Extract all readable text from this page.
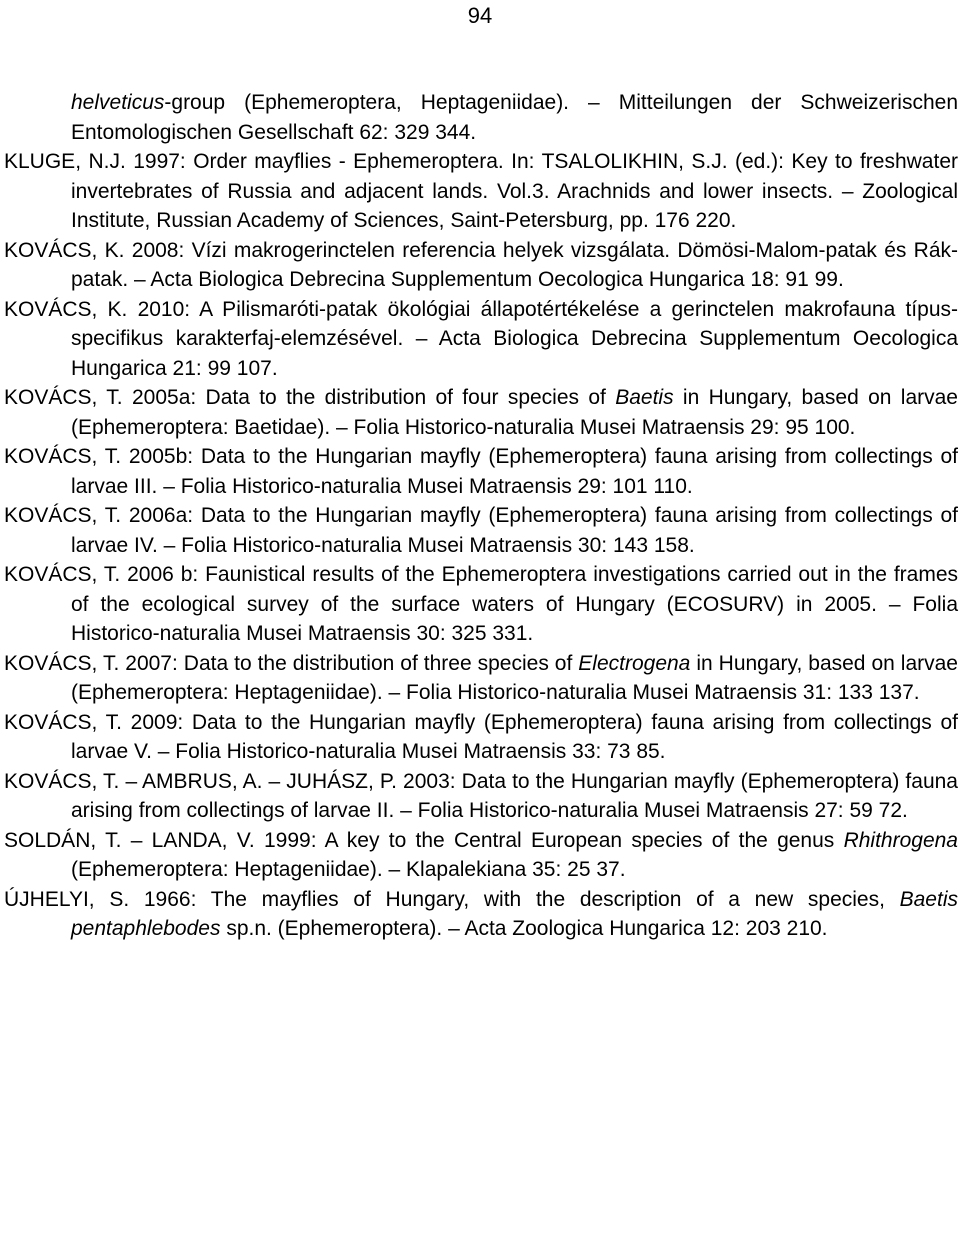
94

helveticus-group (Ephemeroptera, Heptageniidae). – Mitteilungen der Schweizerischen Entomologischen Gesellschaft 62: 329 344.

KLUGE, N.J. 1997: Order mayflies - Ephemeroptera. In: TSALOLIKHIN, S.J. (ed.): Key to freshwater invertebrates of Russia and adjacent lands. Vol.3. Arachnids and lower insects. – Zoological Institute, Russian Academy of Sciences, Saint-Petersburg, pp. 176 220.

KOVÁCS, K. 2008: Vízi makrogerinctelen referencia helyek vizsgálata. Dömösi-Malom-patak és Rák-patak. – Acta Biologica Debrecina Supplementum Oecologica Hungarica 18: 91 99.

KOVÁCS, K. 2010: A Pilismaróti-patak ökológiai állapotértékelése a gerinctelen makrofauna típus-specifikus karakterfaj-elemzésével. – Acta Biologica Debrecina Supplementum Oecologica Hungarica 21: 99 107.

KOVÁCS, T. 2005a: Data to the distribution of four species of Baetis in Hungary, based on larvae (Ephemeroptera: Baetidae). – Folia Historico-naturalia Musei Matraensis 29: 95 100.

KOVÁCS, T. 2005b: Data to the Hungarian mayfly (Ephemeroptera) fauna arising from collectings of larvae III. – Folia Historico-naturalia Musei Matraensis 29: 101 110.

KOVÁCS, T. 2006a: Data to the Hungarian mayfly (Ephemeroptera) fauna arising from collectings of larvae IV. – Folia Historico-naturalia Musei Matraensis 30: 143 158.

KOVÁCS, T. 2006 b: Faunistical results of the Ephemeroptera investigations carried out in the frames of the ecological survey of the surface waters of Hungary (ECOSURV) in 2005. – Folia Historico-naturalia Musei Matraensis 30: 325 331.

KOVÁCS, T. 2007: Data to the distribution of three species of Electrogena in Hungary, based on larvae (Ephemeroptera: Heptageniidae). – Folia Historico-naturalia Musei Matraensis 31: 133 137.

KOVÁCS, T. 2009: Data to the Hungarian mayfly (Ephemeroptera) fauna arising from collectings of larvae V. – Folia Historico-naturalia Musei Matraensis 33: 73 85.

KOVÁCS, T. – AMBRUS, A. – JUHÁSZ, P. 2003: Data to the Hungarian mayfly (Ephemeroptera) fauna arising from collectings of larvae II. – Folia Historico-naturalia Musei Matraensis 27: 59 72.

SOLDÁN, T. – LANDA, V. 1999: A key to the Central European species of the genus Rhithrogena (Ephemeroptera: Heptageniidae). – Klapalekiana 35: 25 37.

ÚJHELYI, S. 1966: The mayflies of Hungary, with the description of a new species, Baetis pentaphlebodes sp.n. (Ephemeroptera). – Acta Zoologica Hungarica 12: 203 210.
